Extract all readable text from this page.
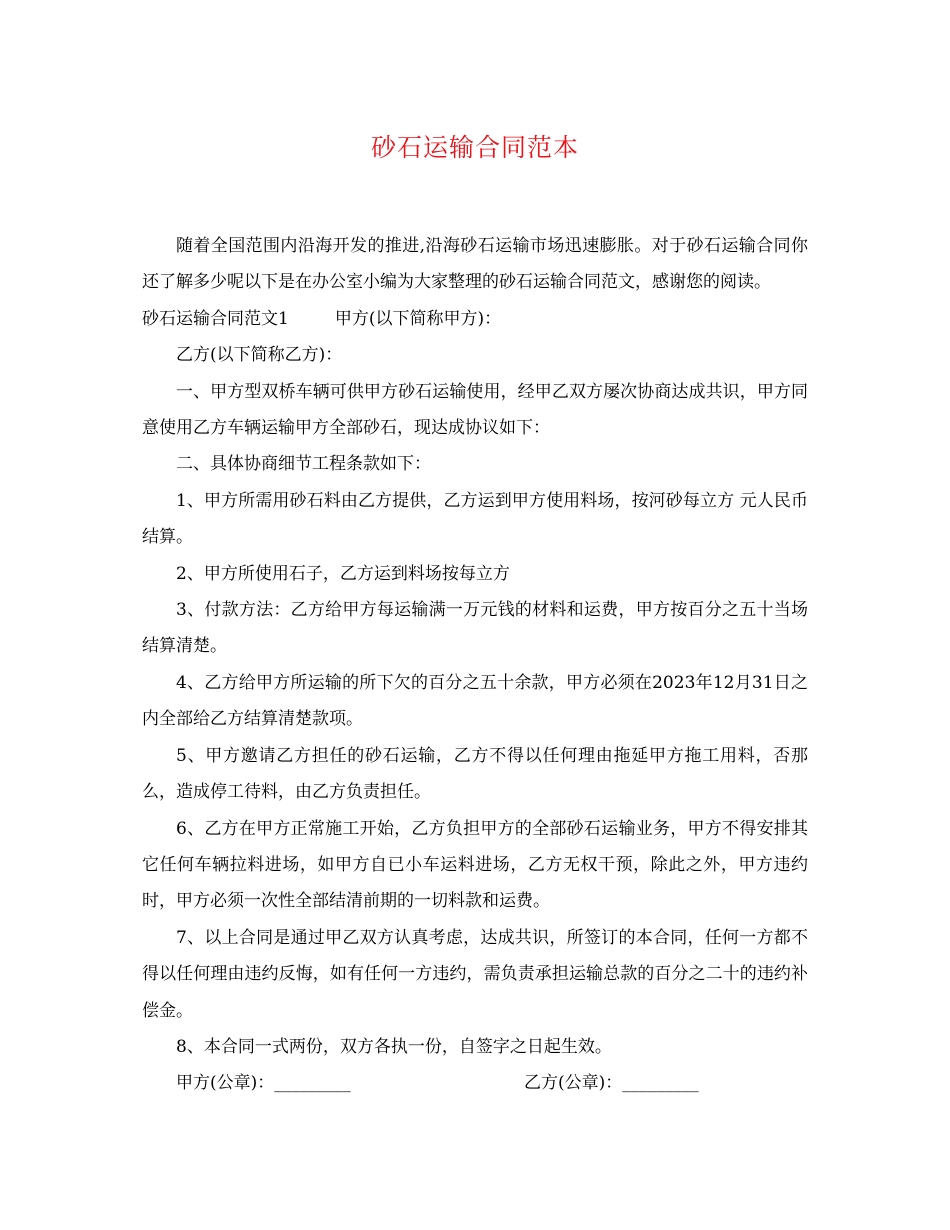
砂石运输合同范本

随着全国范围内沿海开发的推进,沿海砂石运输市场迅速膨胀。对于砂石运输合同你还了解多少呢以下是在办公室小编为大家整理的砂石运输合同范文，感谢您的阅读。

砂石运输合同范文1	甲方(以下简称甲方)：

乙方(以下简称乙方)：

一、甲方型双桥车辆可供甲方砂石运输使用，经甲乙双方屡次协商达成共识，甲方同意使用乙方车辆运输甲方全部砂石，现达成协议如下：

二、具体协商细节工程条款如下：

1、甲方所需用砂石料由乙方提供，乙方运到甲方使用料场，按河砂每立方 元人民币结算。

2、甲方所使用石子，乙方运到料场按每立方

3、付款方法：乙方给甲方每运输满一万元钱的材料和运费，甲方按百分之五十当场结算清楚。

4、乙方给甲方所运输的所下欠的百分之五十余款，甲方必须在2023年12月31日之内全部给乙方结算清楚款项。

5、甲方邀请乙方担任的砂石运输，乙方不得以任何理由拖延甲方拖工用料，否那么，造成停工待料，由乙方负责担任。

6、乙方在甲方正常施工开始，乙方负担甲方的全部砂石运输业务，甲方不得安排其它任何车辆拉料进场，如甲方自已小车运料进场，乙方无权干预，除此之外，甲方违约时，甲方必须一次性全部结清前期的一切料款和运费。

7、以上合同是通过甲乙双方认真考虑，达成共识，所签订的本合同，任何一方都不得以任何理由违约反悔，如有任何一方违约，需负责承担运输总款的百分之二十的违约补偿金。

8、本合同一式两份，双方各执一份，自签字之日起生效。

甲方(公章)：_________	乙方(公章)：_________
